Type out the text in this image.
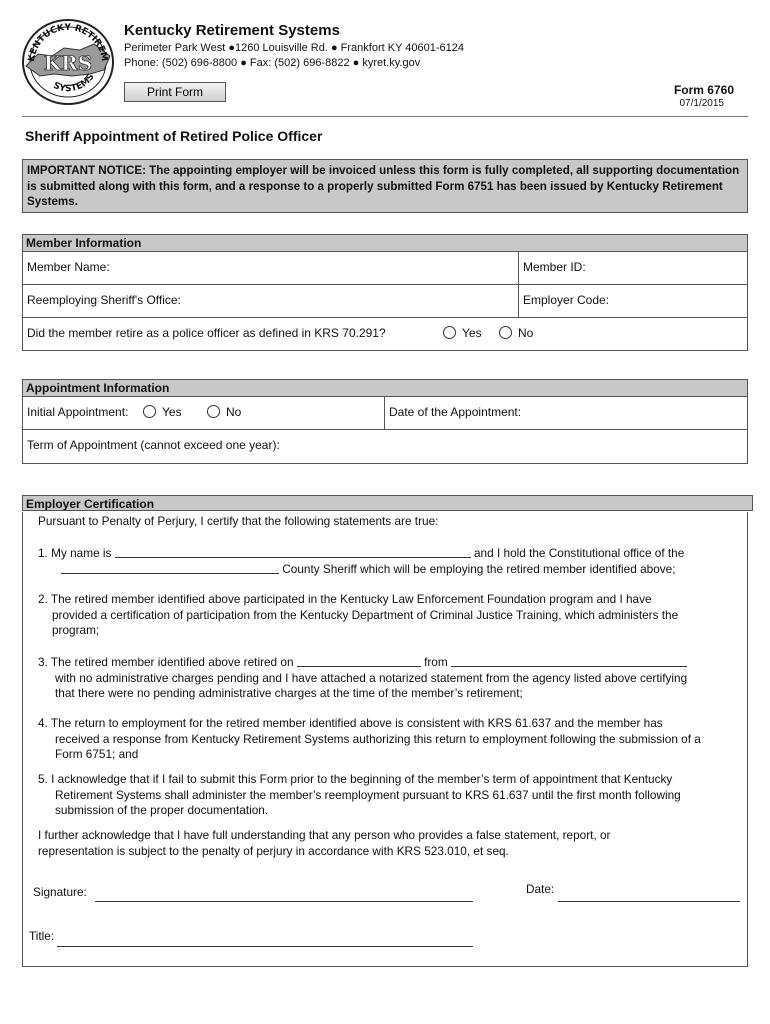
KENTUCKY RETIREM
SYSTEMS
KRS
Kentucky Retirement Systems
Perimeter Park West ●1260 Louisville Rd. ● Frankfort KY 40601-6124
Phone: (502) 696-8800 ● Fax: (502) 696-8822 ● kyret.ky.gov
Print Form	Form 6760
07/1/2015
Sheriff Appointment of Retired Police Officer
IMPORTANT NOTICE: The appointing employer will be invoiced unless this form is fully completed, all supporting documentation is submitted along with this form, and a response to a properly submitted Form 6751 has been issued by Kentucky Retirement Systems.
Member Information
Member Name:	Member ID:
Reemploying Sheriff's Office:	Employer Code:
Did the member retire as a police officer as defined in KRS 70.291?	Yes	No
Appointment Information
Initial Appointment:	Yes	No	Date of the Appointment:
Term of Appointment (cannot exceed one year):
Employer Certification
Pursuant to Penalty of Perjury, I certify that the following statements are true:
1. My name is	and I hold the Constitutional office of the
County Sheriff which will be employing the retired member identified above;
2. The retired member identified above participated in the Kentucky Law Enforcement Foundation program and I have
provided a certification of participation from the Kentucky Department of Criminal Justice Training, which administers the
program;
3. The retired member identified above retired on	from
with no administrative charges pending and I have attached a notarized statement from the agency listed above certifying
that there were no pending administrative charges at the time of the member’s retirement;
4. The return to employment for the retired member identified above is consistent with KRS 61.637 and the member has
received a response from Kentucky Retirement Systems authorizing this return to employment following the submission of a
Form 6751; and
5. I acknowledge that if I fail to submit this Form prior to the beginning of the member’s term of appointment that Kentucky
Retirement Systems shall administer the member’s reemployment pursuant to KRS 61.637 until the first month following
submission of the proper documentation.
I further acknowledge that I have full understanding that any person who provides a false statement, report, or
representation is subject to the penalty of perjury in accordance with KRS 523.010, et seq.
Signature:	Date:
Title:
